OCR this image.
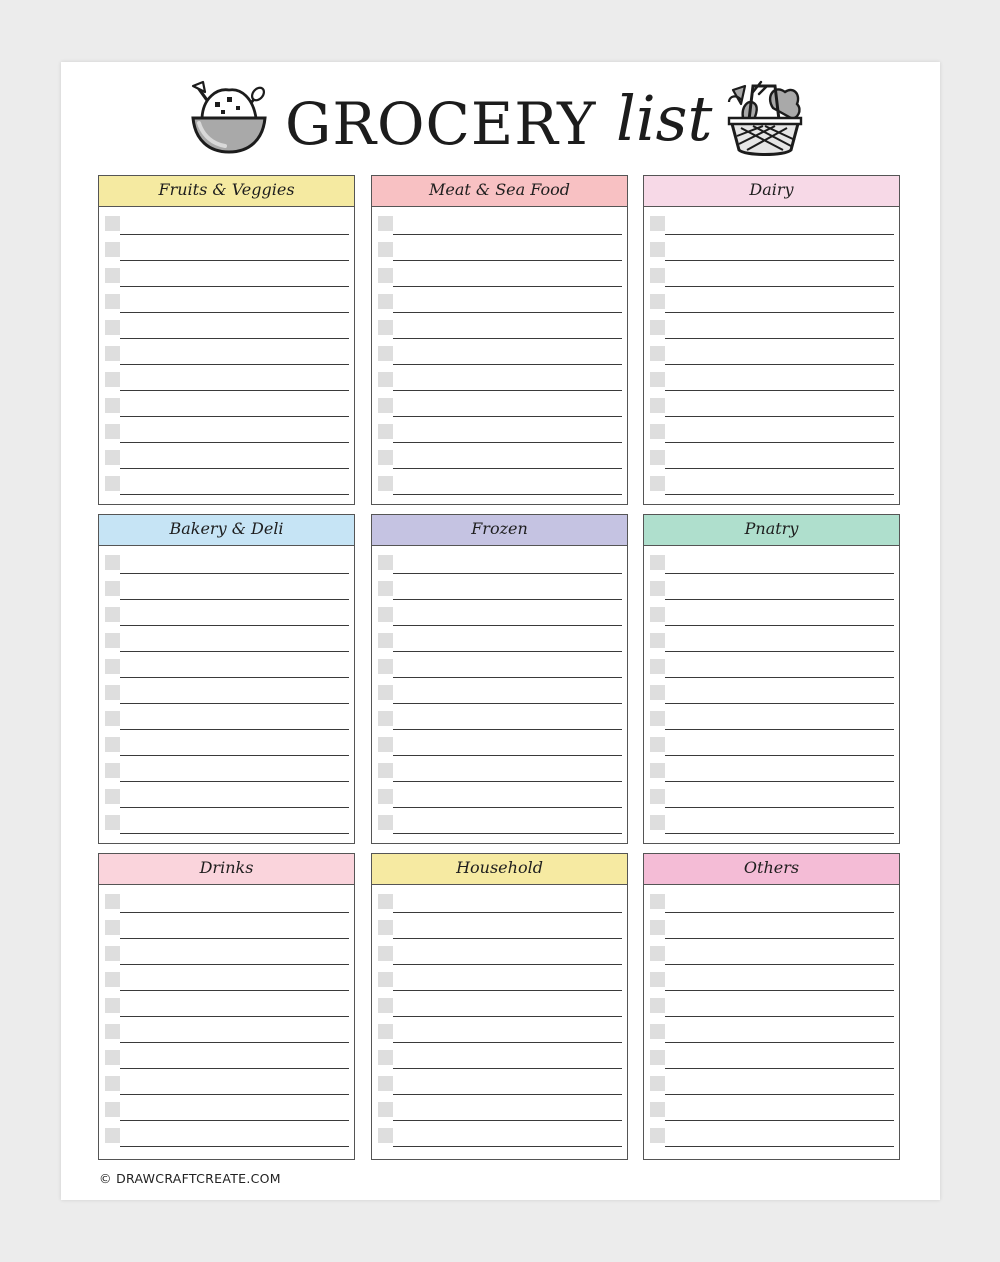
GROCERY list
Fruits & Veggies	Meat & Sea Food	Dairy
Bakery & Deli	Frozen	Pnatry
Drinks	Household	Others
© DRAWCRAFTCREATE.COM
